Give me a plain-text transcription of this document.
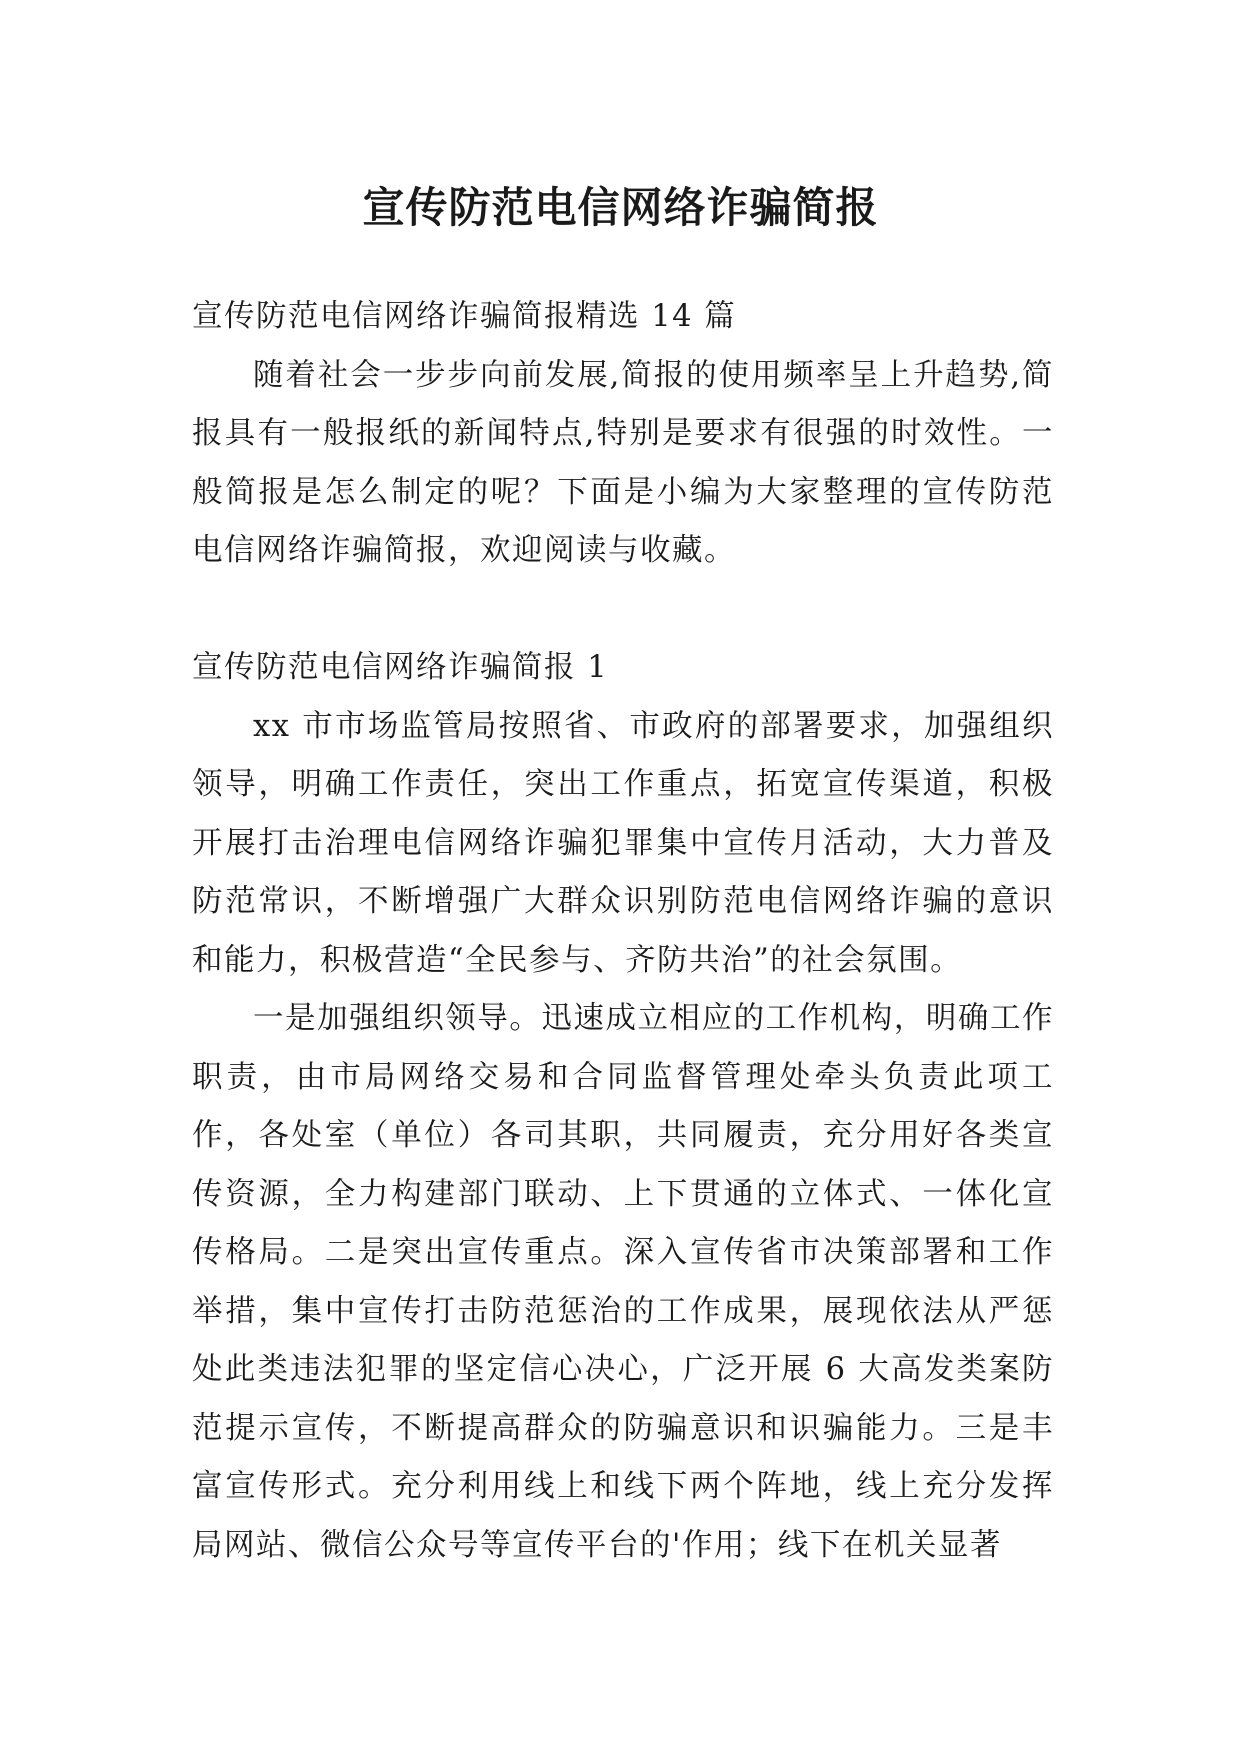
宣传防范电信网络诈骗简报

宣传防范电信网络诈骗简报精选 14 篇

随着社会一步步向前发展,简报的使用频率呈上升趋势,简报具有一般报纸的新闻特点,特别是要求有很强的时效性。一般简报是怎么制定的呢？下面是小编为大家整理的宣传防范电信网络诈骗简报，欢迎阅读与收藏。

宣传防范电信网络诈骗简报 1

xx 市市场监管局按照省、市政府的部署要求，加强组织领导，明确工作责任，突出工作重点，拓宽宣传渠道，积极开展打击治理电信网络诈骗犯罪集中宣传月活动，大力普及防范常识，不断增强广大群众识别防范电信网络诈骗的意识和能力，积极营造“全民参与、齐防共治”的社会氛围。

一是加强组织领导。迅速成立相应的工作机构，明确工作职责，由市局网络交易和合同监督管理处牵头负责此项工作，各处室（单位）各司其职，共同履责，充分用好各类宣传资源，全力构建部门联动、上下贯通的立体式、一体化宣传格局。二是突出宣传重点。深入宣传省市决策部署和工作举措，集中宣传打击防范惩治的工作成果，展现依法从严惩处此类违法犯罪的坚定信心决心，广泛开展 6 大高发类案防范提示宣传，不断提高群众的防骗意识和识骗能力。三是丰富宣传形式。充分利用线上和线下两个阵地，线上充分发挥局网站、微信公众号等宣传平台的'作用；线下在机关显著
